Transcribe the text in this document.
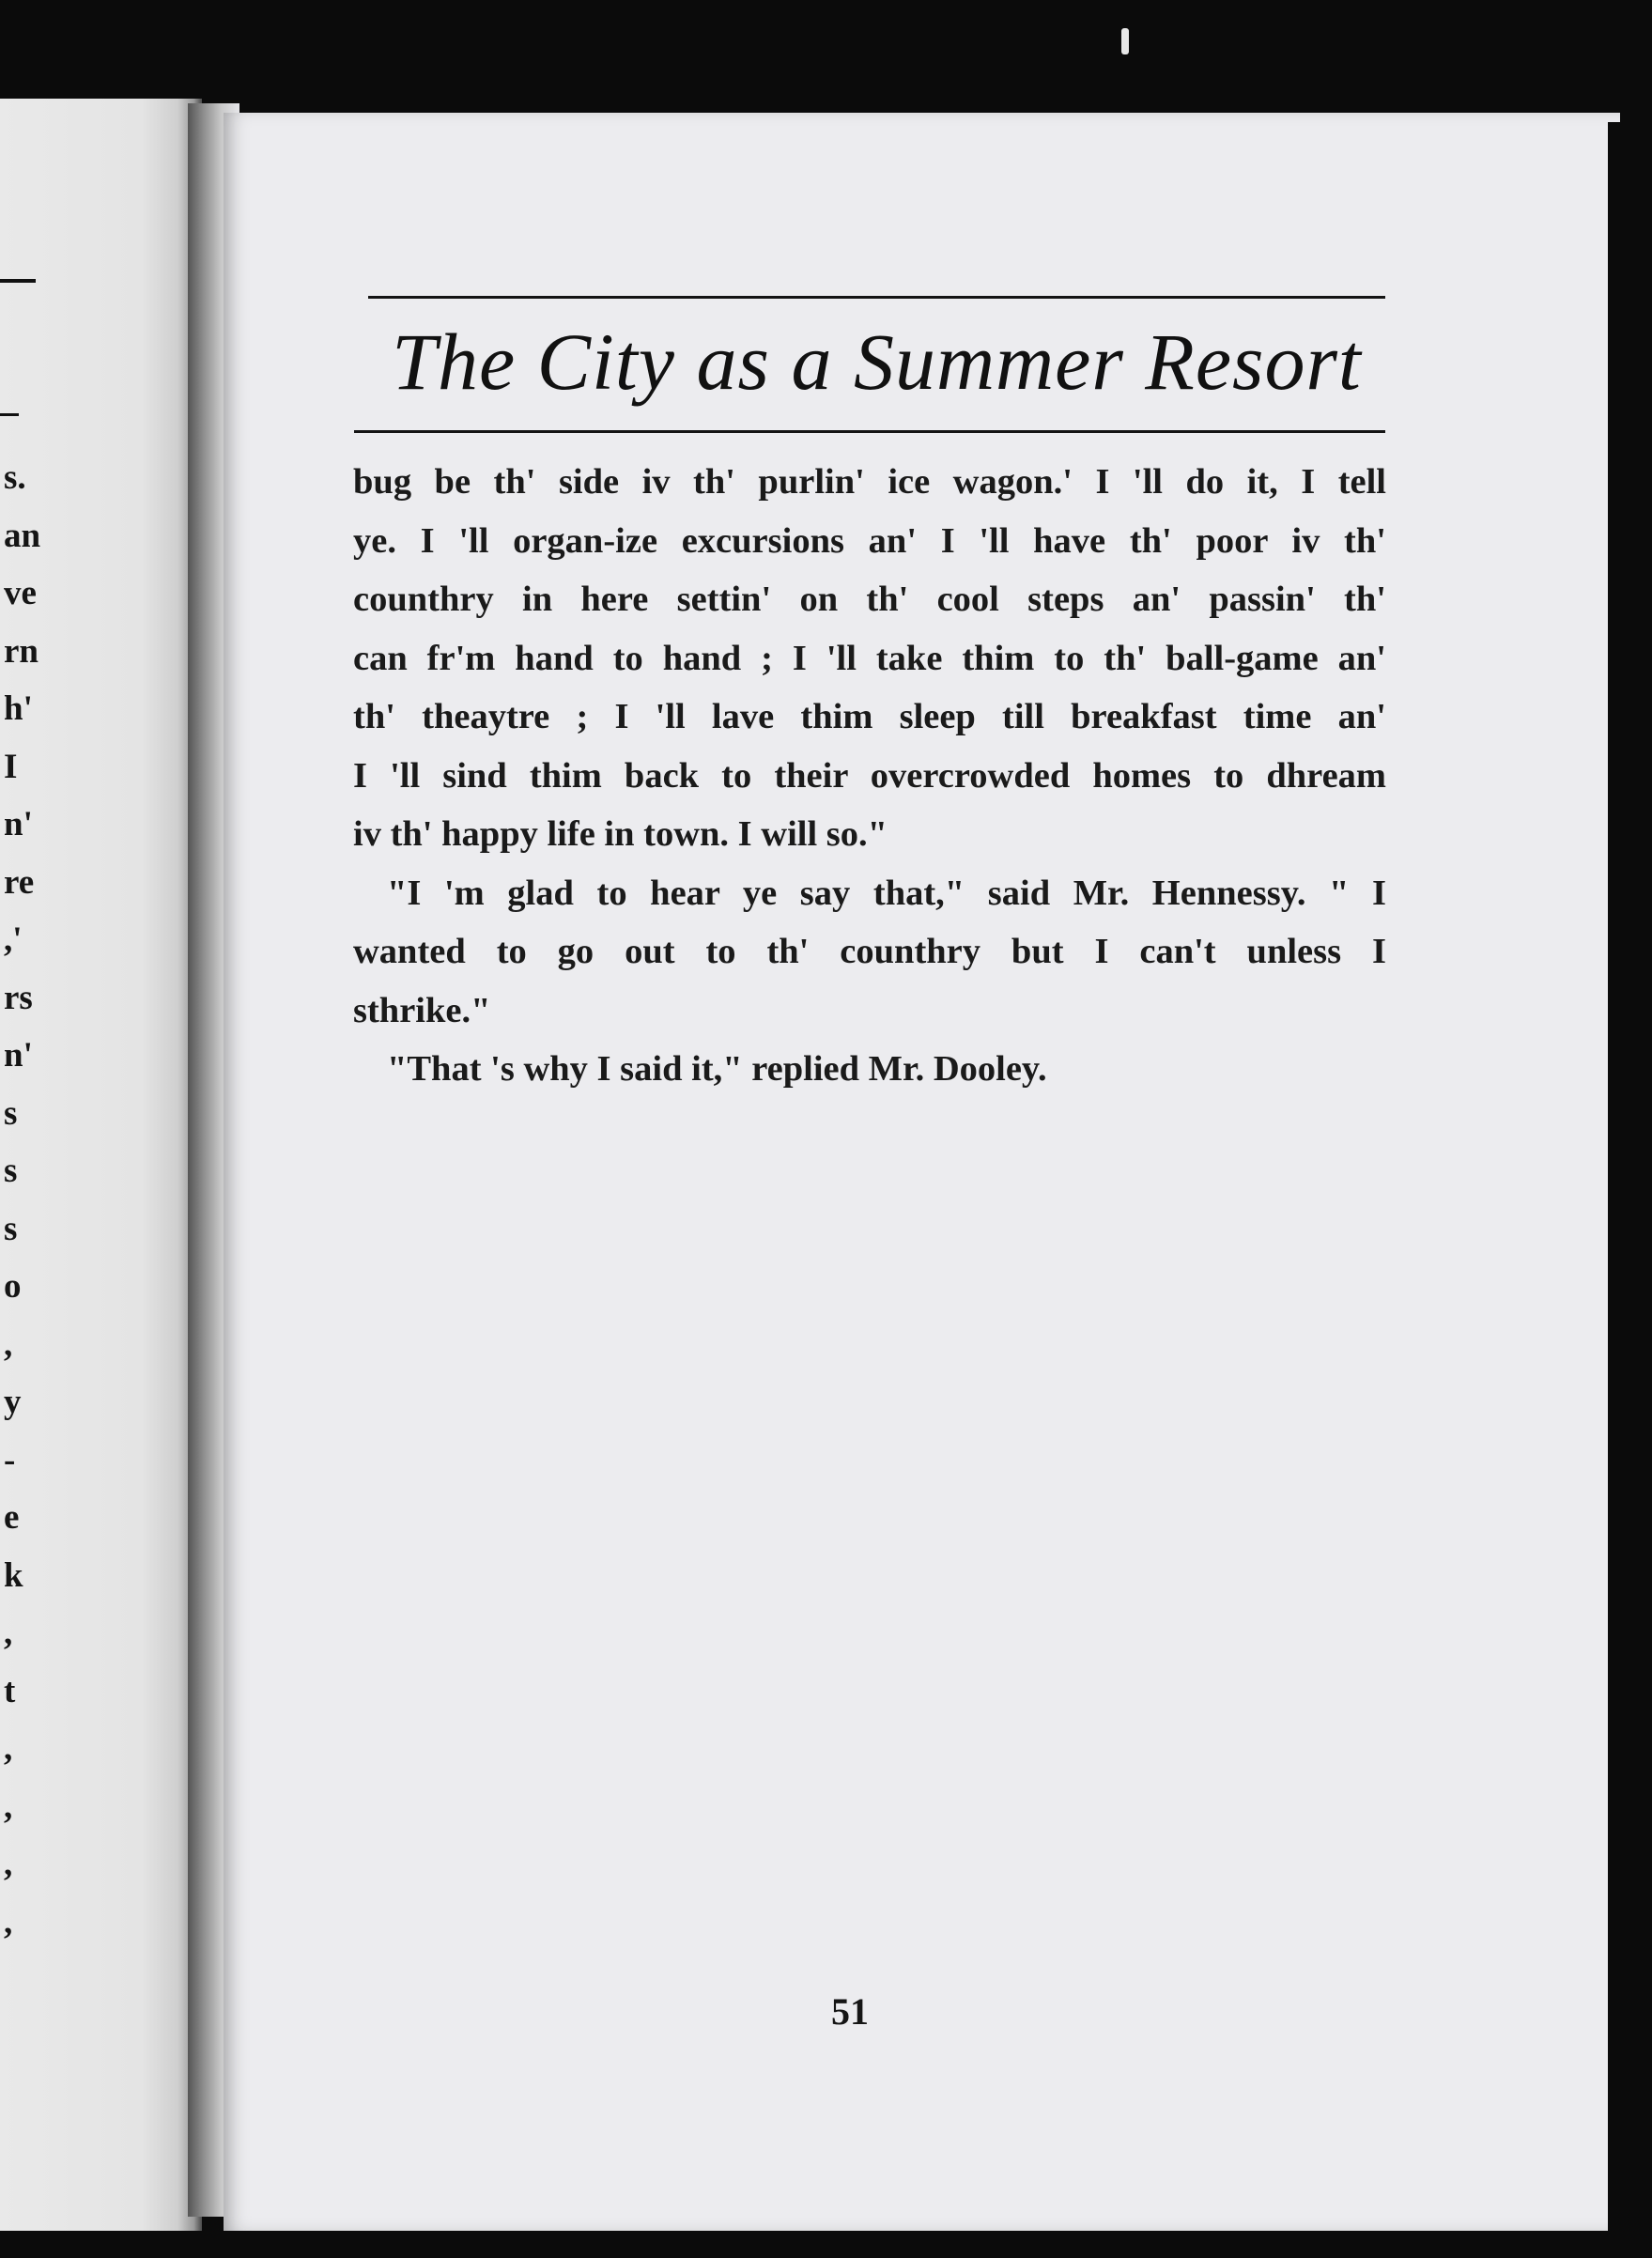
s.
an
ve
rn
h'
I
n'
re
,'
rs
n'
s
s
s
o
,
y
-
e
k
,
t
,
,
,
,
The City as a Summer Resort
bug be th' side iv th' purlin' ice wagon.' I 'll do it, I tell
ye. I 'll organ-ize excursions an' I 'll have th' poor iv th'
counthry in here settin' on th' cool steps an' passin' th'
can fr'm hand to hand ; I 'll take thim to th' ball-game an'
th' theaytre ; I 'll lave thim sleep till breakfast time an'
I 'll sind thim back to their overcrowded homes to dhream
iv th' happy life in town. I will so."
"I 'm glad to hear ye say that," said Mr. Hennessy. " I
wanted to go out to th' counthry but I can't unless I
sthrike."
"That 's why I said it," replied Mr. Dooley.
51
